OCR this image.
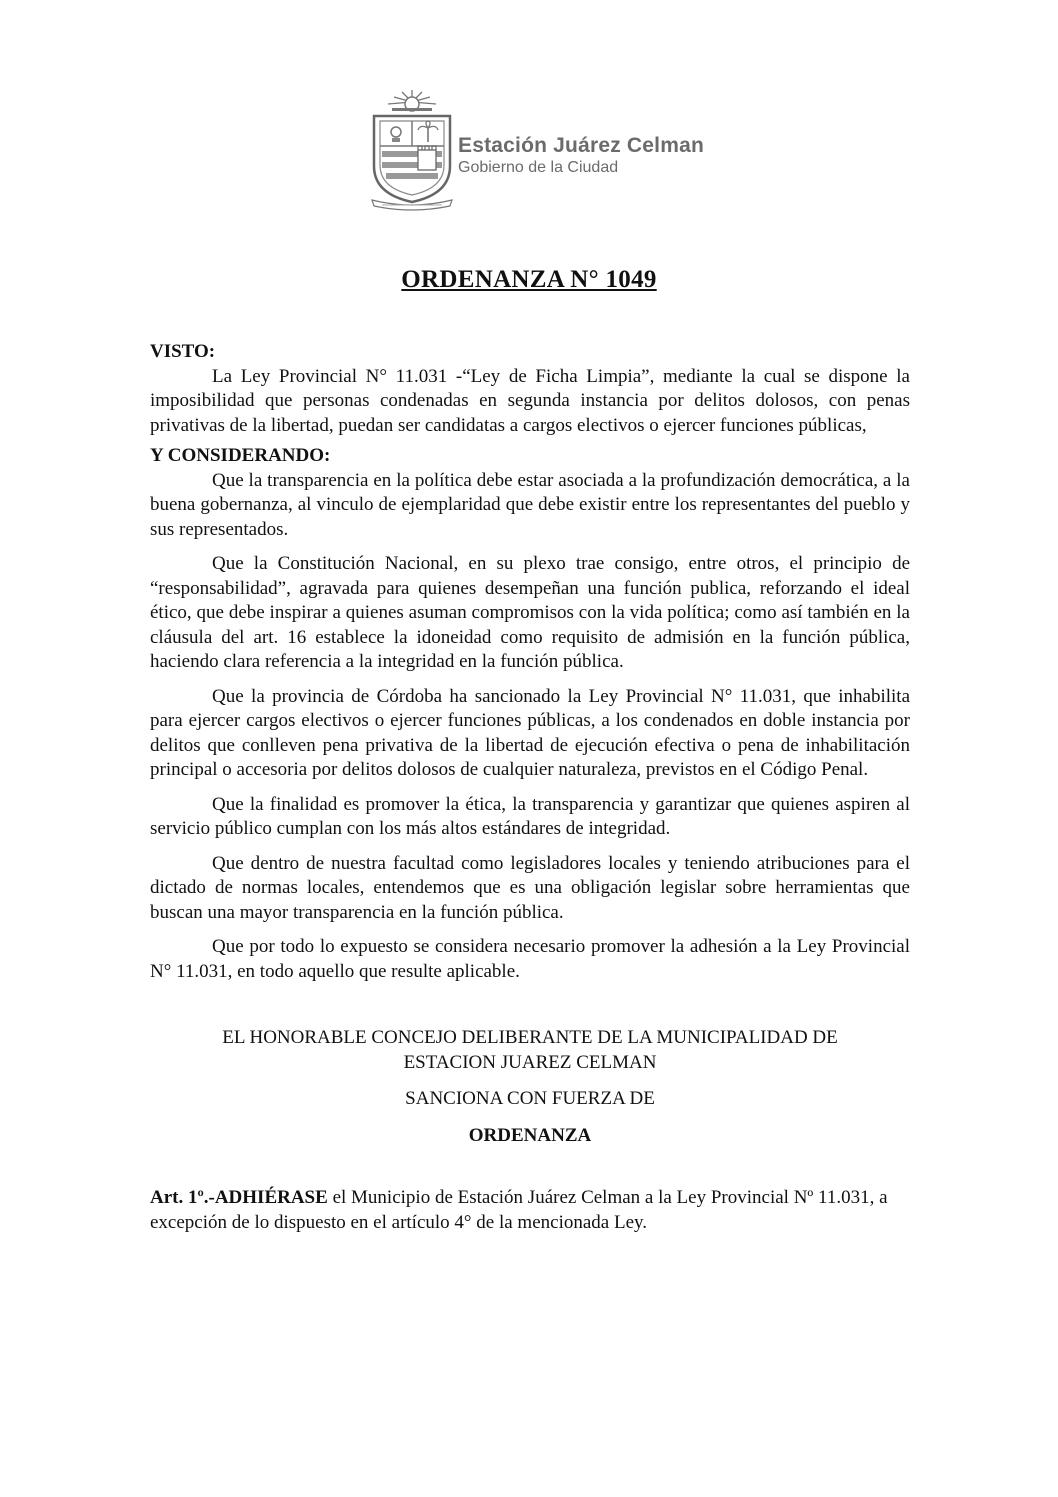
Estación Juárez Celman
Gobierno de la Ciudad
ORDENANZA N° 1049

VISTO:

La Ley Provincial N° 11.031 -“Ley de Ficha Limpia”, mediante la cual se dispone la imposibilidad que personas condenadas en segunda instancia por delitos dolosos, con penas privativas de la libertad, puedan ser candidatas a cargos electivos o ejercer funciones públicas,

Y CONSIDERANDO:

Que la transparencia en la política debe estar asociada a la profundización democrática, a la buena gobernanza, al vinculo de ejemplaridad que debe existir entre los representantes del pueblo y sus representados.

Que la Constitución Nacional, en su plexo trae consigo, entre otros, el principio de “responsabilidad”, agravada para quienes desempeñan una función publica, reforzando el ideal ético, que debe inspirar a quienes asuman compromisos con la vida política; como así también en la cláusula del art. 16 establece la idoneidad como requisito de admisión en la función pública, haciendo clara referencia a la integridad en la función pública.

Que la provincia de Córdoba ha sancionado la Ley Provincial N° 11.031, que inhabilita para ejercer cargos electivos o ejercer funciones públicas, a los condenados en doble instancia por delitos que conlleven pena privativa de la libertad de ejecución efectiva o pena de inhabilitación principal o accesoria por delitos dolosos de cualquier naturaleza, previstos en el Código Penal.

Que la finalidad es promover la ética, la transparencia y garantizar que quienes aspiren al servicio público cumplan con los más altos estándares de integridad.

Que dentro de nuestra facultad como legisladores locales y teniendo atribuciones para el dictado de normas locales, entendemos que es una obligación legislar sobre herramientas que buscan una mayor transparencia en la función pública.

Que por todo lo expuesto se considera necesario promover la adhesión a la Ley Provincial N° 11.031, en todo aquello que resulte aplicable.

EL HONORABLE CONCEJO DELIBERANTE DE LA MUNICIPALIDAD DE

ESTACION JUAREZ CELMAN

SANCIONA CON FUERZA DE

ORDENANZA

Art. 1º.-ADHIÉRASE el Municipio de Estación Juárez Celman a la Ley Provincial Nº 11.031, a excepción de lo dispuesto en el artículo 4° de la mencionada Ley.
